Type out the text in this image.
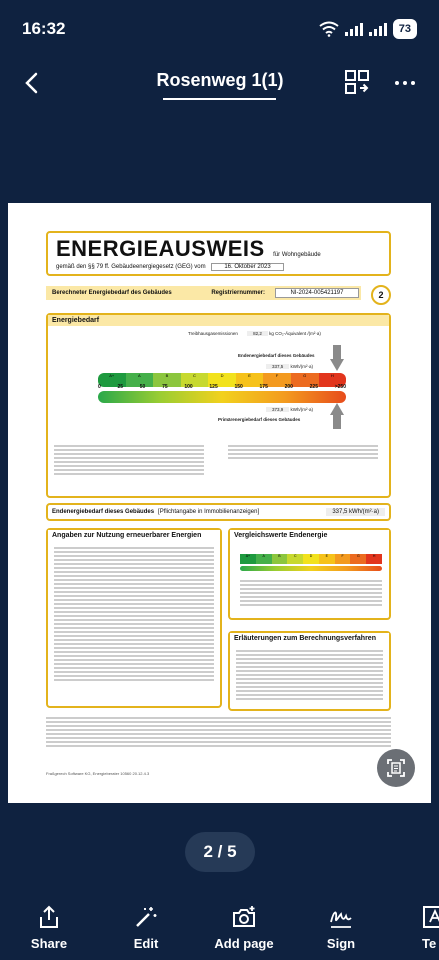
16:32	73
Rosenweg 1(1)
ENERGIEAUSWEIS für Wohngebäude
gemäß den §§ 79 ff. Gebäudeenergiegesetz (GEG) vom	16. Oktober 2023
Berechneter Energiebedarf des Gebäudes	Registriernummer:	NI-2024-005421197	2
Energiebedarf
Treibhausgasemissionen	82,2 kg CO₂-Äquivalent /(m²·a)
Endenergiebedarf dieses Gebäudes
337,5 kWh/(m²·a)
A+	A	B	C	D	E	F	G	H
0	25	50	75	100	125	150	175	200	225	>250
373,9 kWh/(m²·a)
Primärenergiebedarf dieses Gebäudes
Endenergiebedarf dieses Gebäudes [Pflichtangabe in Immobilienanzeigen]	337,5 kWh/(m²·a)
Angaben zur Nutzung erneuerbarer Energien	Vergleichswerte Endenergie
A+	A	B	C	D	E	F	G	H
Erläuterungen zum Berechnungsverfahren
Fraßgerech Software KG, Energieberater 10560 20.12.4.3
2 / 5
Share	Edit	Add page	Sign	Te
